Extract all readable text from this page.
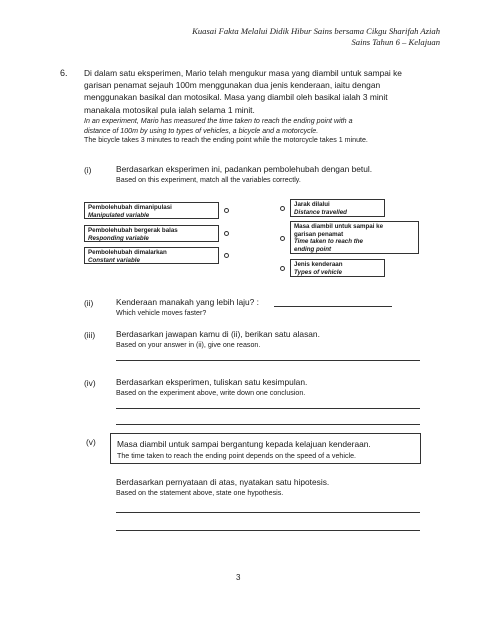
Kuasai Fakta Melalui Didik Hibur Sains bersama Cikgu Sharifah Aziah
Sains Tahun 6 – Kelajuan
6. Di dalam satu eksperimen, Mario telah mengukur masa yang diambil untuk sampai ke
garisan penamat sejauh 100m menggunakan dua jenis kenderaan, iaitu dengan
menggunakan basikal dan motosikal. Masa yang diambil oleh basikal ialah 3 minit
manakala motosikal pula ialah selama 1 minit.
In an experiment, Mario has measured the time taken to reach the ending point with a
distance of 100m by using to types of vehicles, a bicycle and a motorcycle.
The bicycle takes 3 minutes to reach the ending point while the motorcycle takes 1 minute.
(i)	Berdasarkan eksperimen ini, padankan pembolehubah dengan betul.
Based on this experiment, match all the variables correctly.
Pembolehubah dimanipulasi
Manipulated variable
Pembolehubah bergerak balas
Responding variable
Pembolehubah dimalarkan
Constant variable
Jarak dilalui
Distance travelled
Masa diambil untuk sampai ke
garisan penamat
Time taken to reach the
ending point
Jenis kenderaan
Types of vehicle
(ii)	Kenderaan manakah yang lebih laju? :
Which vehicle moves faster?
(iii) Berdasarkan jawapan kamu di (ii), berikan satu alasan.
Based on your answer in (ii), give one reason.
(iv) Berdasarkan eksperimen, tuliskan satu kesimpulan.
Based on the experiment above, write down one conclusion.
(v)	Masa diambil untuk sampai bergantung kepada kelajuan kenderaan.
The time taken to reach the ending point depends on the speed of a vehicle.
Berdasarkan pernyataan di atas, nyatakan satu hipotesis.
Based on the statement above, state one hypothesis.
3
